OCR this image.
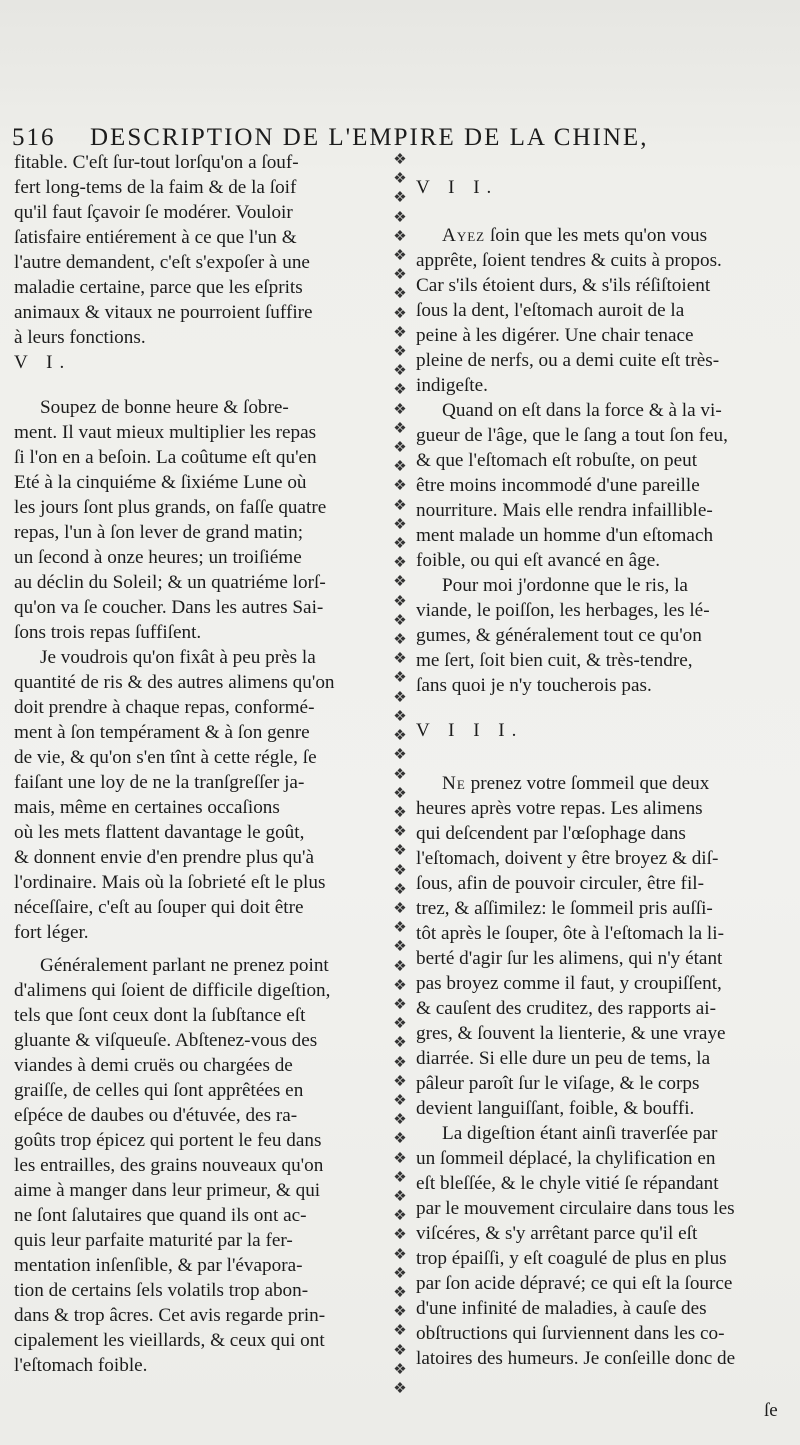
516 DESCRIPTION DE L'EMPIRE DE LA CHINE,

fitable. C'eſt ſur-tout lorſqu'on a ſouf-
fert long-tems de la faim & de la ſoif
qu'il faut ſçavoir ſe modérer. Vouloir
ſatisfaire entiérement à ce que l'un &
l'autre demandent, c'eſt s'expoſer à une
maladie certaine, parce que les eſprits
animaux & vitaux ne pourroient ſuffire
à leurs fonctions.

V I.

Soupez de bonne heure & ſobre-
ment. Il vaut mieux multiplier les repas
ſi l'on en a beſoin. La coûtume eſt qu'en
Eté à la cinquiéme & ſixiéme Lune où
les jours ſont plus grands, on faſſe quatre
repas, l'un à ſon lever de grand matin;
un ſecond à onze heures; un troiſiéme
au déclin du Soleil; & un quatriéme lorſ-
qu'on va ſe coucher. Dans les autres Sai-
ſons trois repas ſuffiſent.

Je voudrois qu'on fixât à peu près la
quantité de ris & des autres alimens qu'on
doit prendre à chaque repas, conformé-
ment à ſon tempérament & à ſon genre
de vie, & qu'on s'en tînt à cette régle, ſe
faiſant une loy de ne la tranſgreſſer ja-
mais, même en certaines occaſions
où les mets flattent davantage le goût,
& donnent envie d'en prendre plus qu'à
l'ordinaire. Mais où la ſobrieté eſt le plus
néceſſaire, c'eſt au ſouper qui doit être
fort léger.

Généralement parlant ne prenez point
d'alimens qui ſoient de difficile digeſtion,
tels que ſont ceux dont la ſubſtance eſt
gluante & viſqueuſe. Abſtenez-vous des
viandes à demi cruës ou chargées de
graiſſe, de celles qui ſont apprêtées en
eſpéce de daubes ou d'étuvée, des ra-
goûts trop épicez qui portent le feu dans
les entrailles, des grains nouveaux qu'on
aime à manger dans leur primeur, & qui
ne ſont ſalutaires que quand ils ont ac-
quis leur parfaite maturité par la fer-
mentation inſenſible, & par l'évapora-
tion de certains ſels volatils trop abon-
dans & trop âcres. Cet avis regarde prin-
cipalement les vieillards, & ceux qui ont
l'eſtomach foible.

❖
❖
❖
❖
❖
❖
❖
❖
❖
❖
❖
❖
❖
❖
❖
❖
❖
❖
❖
❖
❖
❖
❖
❖
❖
❖
❖
❖
❖
❖
❖
❖
❖
❖
❖
❖
❖
❖
❖
❖
❖
❖
❖
❖
❖
❖
❖
❖
❖
❖
❖
❖
❖
❖
❖
❖
❖
❖
❖
❖
❖
❖
❖
❖
❖

V I I.

Ayez ſoin que les mets qu'on vous
apprête, ſoient tendres & cuits à propos.
Car s'ils étoient durs, & s'ils réſiſtoient
ſous la dent, l'eſtomach auroit de la
peine à les digérer. Une chair tenace
pleine de nerfs, ou a demi cuite eſt très-
indigeſte.

Quand on eſt dans la force & à la vi-
gueur de l'âge, que le ſang a tout ſon feu,
& que l'eſtomach eſt robuſte, on peut
être moins incommodé d'une pareille
nourriture. Mais elle rendra infailliblе-
ment malade un homme d'un eſtomach
foible, ou qui eſt avancé en âge.

Pour moi j'ordonne que le ris, la
viande, le poiſſon, les herbages, les lé-
gumes, & généralement tout ce qu'on
me ſert, ſoit bien cuit, & très-tendre,
ſans quoi je n'y toucherois pas.

V I I I.

Ne prenez votre ſommeil que deux
heures après votre repas. Les alimens
qui deſcendent par l'œſophage dans
l'eſtomach, doivent y être broyez & diſ-
ſous, afin de pouvoir circuler, être fil-
trez, & aſſimilez: le ſommeil pris auſſi-
tôt après le ſouper, ôte à l'eſtomach la li-
berté d'agir ſur les alimens, qui n'y étant
pas broyez comme il faut, y croupiſſent,
& cauſent des cruditez, des rapports ai-
gres, & ſouvent la lienterie, & une vraye
diarrée. Si elle dure un peu de tems, la
pâleur paroît ſur le viſage, & le corps
devient languiſſant, foible, & bouffi.

La digeſtion étant ainſi traverſée par
un ſommeil déplacé, la chylification en
eſt bleſſée, & le chyle vitié ſe répandant
par le mouvement circulaire dans tous les
viſcéres, & s'y arrêtant parce qu'il eſt
trop épaiſſi, y eſt coagulé de plus en plus
par ſon acide dépravé; ce qui eſt la ſource
d'une infinité de maladies, à cauſe des
obſtructions qui ſurviennent dans les co-
latoires des humeurs. Je conſeille donc de

ſe
